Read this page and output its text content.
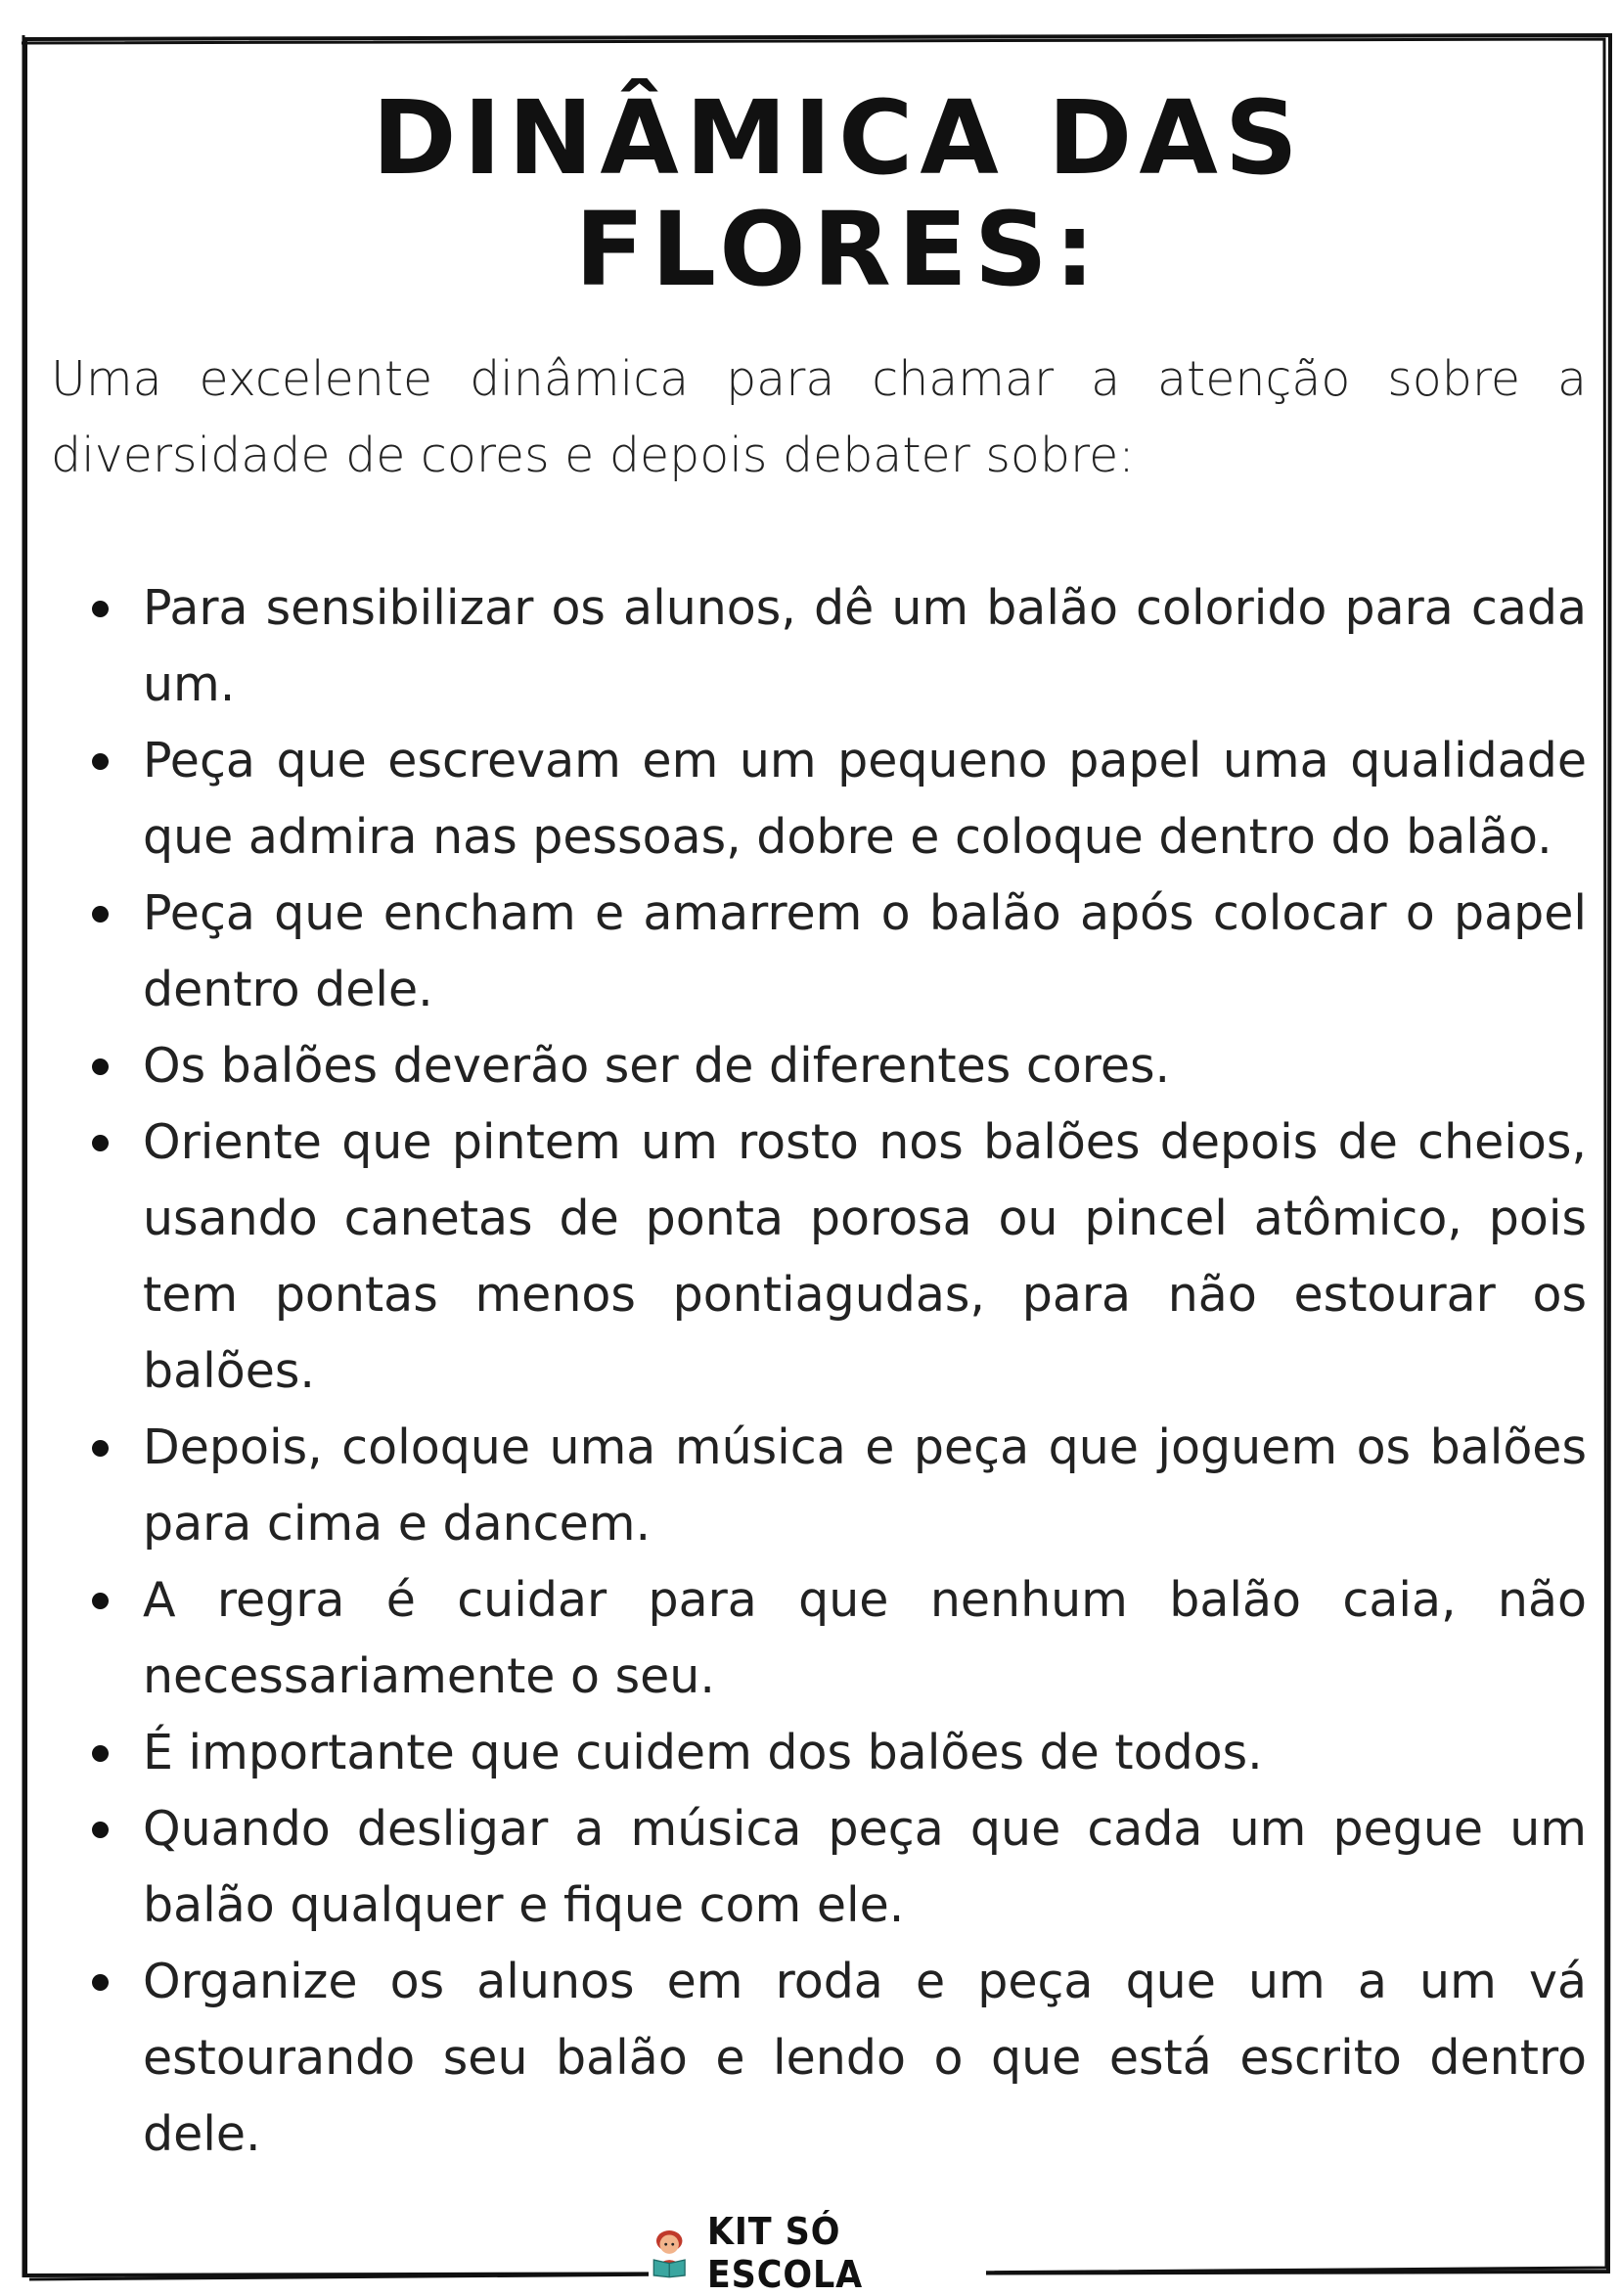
DINÂMICA DAS FLORES:

Uma excelente dinâmica para chamar a atenção sobre a diversidade de cores e depois debater sobre:

Para sensibilizar os alunos, dê um balão colorido para cada um.
Peça que escrevam em um pequeno papel uma qualidade que admira nas pessoas, dobre e coloque dentro do balão.
Peça que encham e amarrem o balão após colocar o papel dentro dele.
Os balões deverão ser de diferentes cores.
Oriente que pintem um rosto nos balões depois de cheios, usando canetas de ponta porosa ou pincel atômico, pois tem pontas menos pontiagudas, para não estourar os balões.
Depois, coloque uma música e peça que joguem os balões para cima e dancem.
A regra é cuidar para que nenhum balão caia, não necessariamente o seu.
É importante que cuidem dos balões de todos.
Quando desligar a música peça que cada um pegue um balão qualquer e fique com ele.
Organize os alunos em roda e peça que um a um vá estourando seu balão e lendo o que está escrito dentro dele.
KIT SÓ ESCOLA
